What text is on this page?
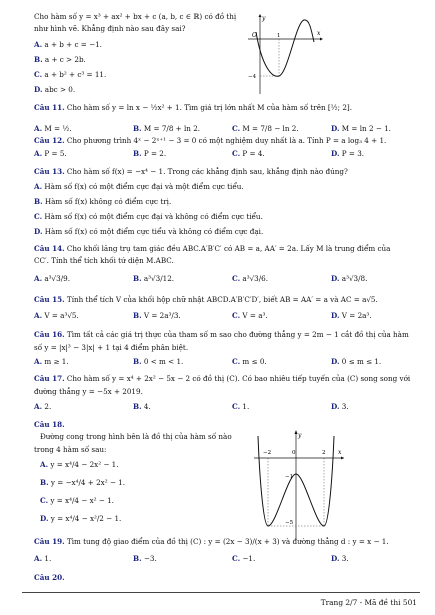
Cho hàm số y = x³ + ax² + bx + c (a, b, c ∈ ℝ) có đồ thị
như hình vẽ. Khẳng định nào sau đây sai?
A. a + b + c = −1.
B. a + c > 2b.
C. a + b² + c³ = 11.
D. abc > 0.
y
x
O	1
−4
Câu 11. Cho hàm số y = ln x − ½x² + 1. Tìm giá trị lớn nhất M của hàm số trên [½; 2].
A. M = ½.	B. M = 7/8 + ln 2.	C. M = 7/8 − ln 2.	D. M = ln 2 − 1.
Câu 12. Cho phương trình 4ˣ − 2ˣ⁺¹ − 3 = 0 có một nghiệm duy nhất là a. Tính P = a log₃ 4 + 1.
A. P = 5.	B. P = 2.	C. P = 4.	D. P = 3.
Câu 13. Cho hàm số f(x) = −x⁴ − 1. Trong các khẳng định sau, khẳng định nào đúng?
A. Hàm số f(x) có một điểm cực đại và một điểm cực tiểu.
B. Hàm số f(x) không có điểm cực trị.
C. Hàm số f(x) có một điểm cực đại và không có điểm cực tiểu.
D. Hàm số f(x) có một điểm cực tiểu và không có điểm cực đại.
Câu 14. Cho khối lăng trụ tam giác đều ABC.A′B′C′ có AB = a, AA′ = 2a. Lấy M là trung điểm của
CC′. Tính thể tích khối tứ diện M.ABC.
A. a³√3/9.	B. a³√3/12.	C. a³√3/6.	D. a³√3/8.
Câu 15. Tính thể tích V của khối hộp chữ nhật ABCD.A′B′C′D′, biết AB = AA′ = a và AC = a√5.
A. V = a³√5.	B. V = 2a³/3.	C. V = a³.	D. V = 2a³.
Câu 16. Tìm tất cả các giá trị thực của tham số m sao cho đường thẳng y = 2m − 1 cắt đồ thị của hàm
số y = |x|³ − 3|x| + 1 tại 4 điểm phân biệt.
A. m ≥ 1.	B. 0 < m < 1.	C. m ≤ 0.	D. 0 ≤ m ≤ 1.
Câu 17. Cho hàm số y = x⁴ + 2x² − 5x − 2 có đồ thị (C). Có bao nhiêu tiếp tuyến của (C) song song với
đường thẳng y = −5x + 2019.
A. 2.	B. 4.	C. 1.	D. 3.
Câu 18.
Đường cong trong hình bên là đồ thị của hàm số nào
trong 4 hàm số sau:
A. y = x⁴/4 − 2x² − 1.
B. y = −x⁴/4 + 2x² − 1.
C. y = x⁴/4 − x² − 1.
D. y = x⁴/4 − x²/2 − 1.
y
x
−2	0	2
−1
−5
Câu 19. Tìm tung độ giao điểm của đồ thị (C) : y = (2x − 3)/(x + 3) và đường thẳng d : y = x − 1.
A. 1.	B. −3.	C. −1.	D. 3.
Câu 20.
Trang 2/7 - Mã đề thi 501
